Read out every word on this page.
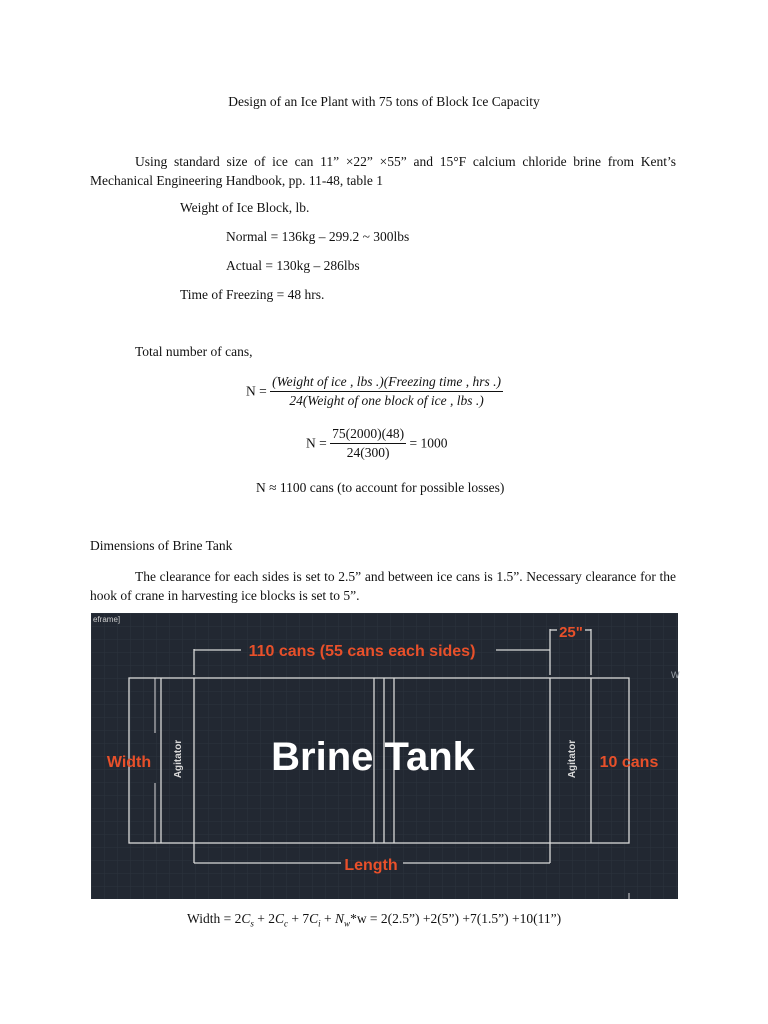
Design of an Ice Plant with 75 tons of Block Ice Capacity
Using standard size of ice can 11” ×22” ×55” and 15°F calcium chloride brine from Kent’s Mechanical Engineering Handbook, pp. 11-48, table 1
Weight of Ice Block, lb.
Normal = 136kg – 299.2 ~ 300lbs
Actual = 130kg – 286lbs
Time of Freezing = 48 hrs.
Total number of cans,
$N = \frac{\text{(Weight of ice , lbs .)(Freezing time , hrs .)}}{\text{24(Weight of one block of ice , lbs .)}}$
$N = \frac{75(2000)(48)}{24(300)} = 1000$
N ≈ 1100 cans (to account for possible losses)
Dimensions of Brine Tank
The clearance for each sides is set to 2.5” and between ice cans is 1.5”. Necessary clearance for the hook of crane in harvesting ice blocks is set to 5”.
110 cans (55 cans each sides)
25"
Brine Tank
Width	10 cans
Length
Agitator	Agitator
eframe]
W
Width = $2C_s + 2C_c + 7C_i + N_w*w$ = 2(2.5”) +2(5”) +7(1.5”) +10(11”)
